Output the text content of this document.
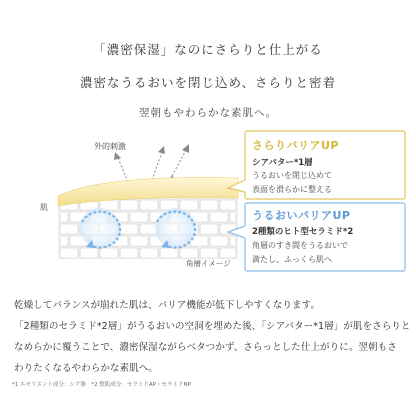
「濃密保湿」なのにさらりと仕上がる
濃密なうるおいを閉じ込め、さらりと密着
翌朝もやわらかな素肌へ。
外的刺激
肌
角層イメージ
さらりバリアUP
シアバター*1層
うるおいを閉じ込めて
表面を滑らかに整える
うるおいバリアUP
2種類のヒト型セラミド*2
角層のすき間をうるおいで
満たし、ふっくら肌へ

乾燥してバランスが崩れた肌は、バリア機能が低下しやすくなります。

「2種類のセラミド*2層」がうるおいの空洞を埋めた後、「シアバター*1層」が肌をさらりと

なめらかに覆うことで、濃密保湿ながらベタつかず、さらっとした仕上がりに。翌朝もさ

わりたくなるやわらかな素肌へ。

*1 エモリエント成分：シア脂　*2 整肌成分：セラミドAP・セラミドNP
